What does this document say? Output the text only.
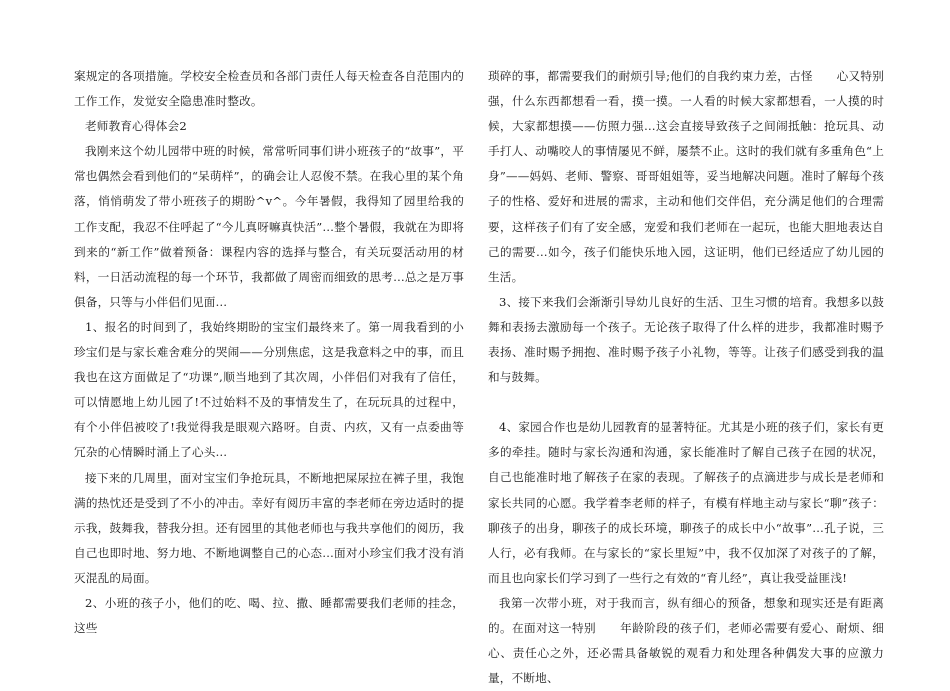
案规定的各项措施。学校安全检查员和各部门责任人每天检查各自范围内的工作工作，发觉安全隐患准时整改。

老师教育心得体会2

我刚来这个幼儿园带中班的时候，常常听同事们讲小班孩子的“故事”，平常也偶然会看到他们的“呆萌样”，的确会让人忍俊不禁。在我心里的某个角落，悄悄萌发了带小班孩子的期盼^v^。今年暑假，我得知了园里给我的工作支配，我忍不住呼起了“今儿真呀嘛真快活”…整个暑假，我就在为即将到来的“新工作”做着预备：课程内容的选择与整合，有关玩耍活动用的材料，一日活动流程的每一个环节，我都做了周密而细致的思考…总之是万事俱备，只等与小伴侣们见面…

1、报名的时间到了，我始终期盼的宝宝们最终来了。第一周我看到的小珍宝们是与家长难舍难分的哭闹——分別焦虑，这是我意料之中的事，而且我也在这方面做足了“功课”,顺当地到了其次周，小伴侣们对我有了信任，可以情愿地上幼儿园了!不过始料不及的事情发生了，在玩玩具的过程中，有个小伴侣被咬了!我觉得我是眼观六路呀。自责、内疚，又有一点委曲等冗杂的心情瞬时涌上了心头…

接下来的几周里，面对宝宝们争抢玩具，不断地把屎尿拉在裤子里，我饱满的热忱还是受到了不小的冲击。幸好有阅历丰富的李老师在旁边适时的提示我，鼓舞我，替我分担。还有园里的其他老师也与我共享他们的阅历，我自己也即时地、努力地、不断地调整自己的心态…面对小珍宝们我才没有消灭混乱的局面。

2、小班的孩子小，他们的吃、喝、拉、撒、睡都需要我们老师的挂念，这些

琐碎的事，都需要我们的耐烦引导;他们的自我约束力差，古怪　　心又特别强，什么东西都想看一看，摸一摸。一人看的时候大家都想看，一人摸的时候，大家都想摸——仿照力强…这会直接导致孩子之间闹抵触：抢玩具、动手打人、动嘴咬人的事情屡见不鲜，屡禁不止。这时的我们就有多重角色“上身”——妈妈、老师、警察、哥哥姐姐等，妥当地解决问题。准时了解每个孩子的性格、爱好和进展的需求，主动和他们交伴侣，充分满足他们的合理需要，这样孩子们有了安全感，宠爱和我们老师在一起玩，也能大胆地表达自己的需要…如今，孩子们能快乐地入园，这证明，他们已经适应了幼儿园的生活。

3、接下来我们会渐渐引导幼儿良好的生活、卫生习惯的培育。我想多以鼓舞和表扬去激励每一个孩子。无论孩子取得了什么样的进步，我都准时赐予表扬、准时赐予拥抱、准时赐予孩子小礼物，等等。让孩子们感受到我的温和与鼓舞。

4、家园合作也是幼儿园教育的显著特征。尤其是小班的孩子们，家长有更多的牵挂。随时与家长沟通和沟通，家长能准时了解自己孩子在园的状况，自己也能准时地了解孩子在家的表现。了解孩子的点滴进步与成长是老师和家长共同的心愿。我学着李老师的样子，有模有样地主动与家长“聊”孩子：聊孩子的出身，聊孩子的成长环境，聊孩子的成长中小“故事”…孔子说，三人行，必有我师。在与家长的“家长里短”中，我不仅加深了对孩子的了解，而且也向家长们学习到了一些行之有效的“育儿经”，真让我受益匪浅!

我第一次带小班，对于我而言，纵有细心的预备，想象和现实还是有距离的。在面对这一特别　　年龄阶段的孩子们，老师必需要有爱心、耐烦、细心、责任心之外，还必需具备敏锐的观看力和处理各种偶发大事的应激力量，不断地、
